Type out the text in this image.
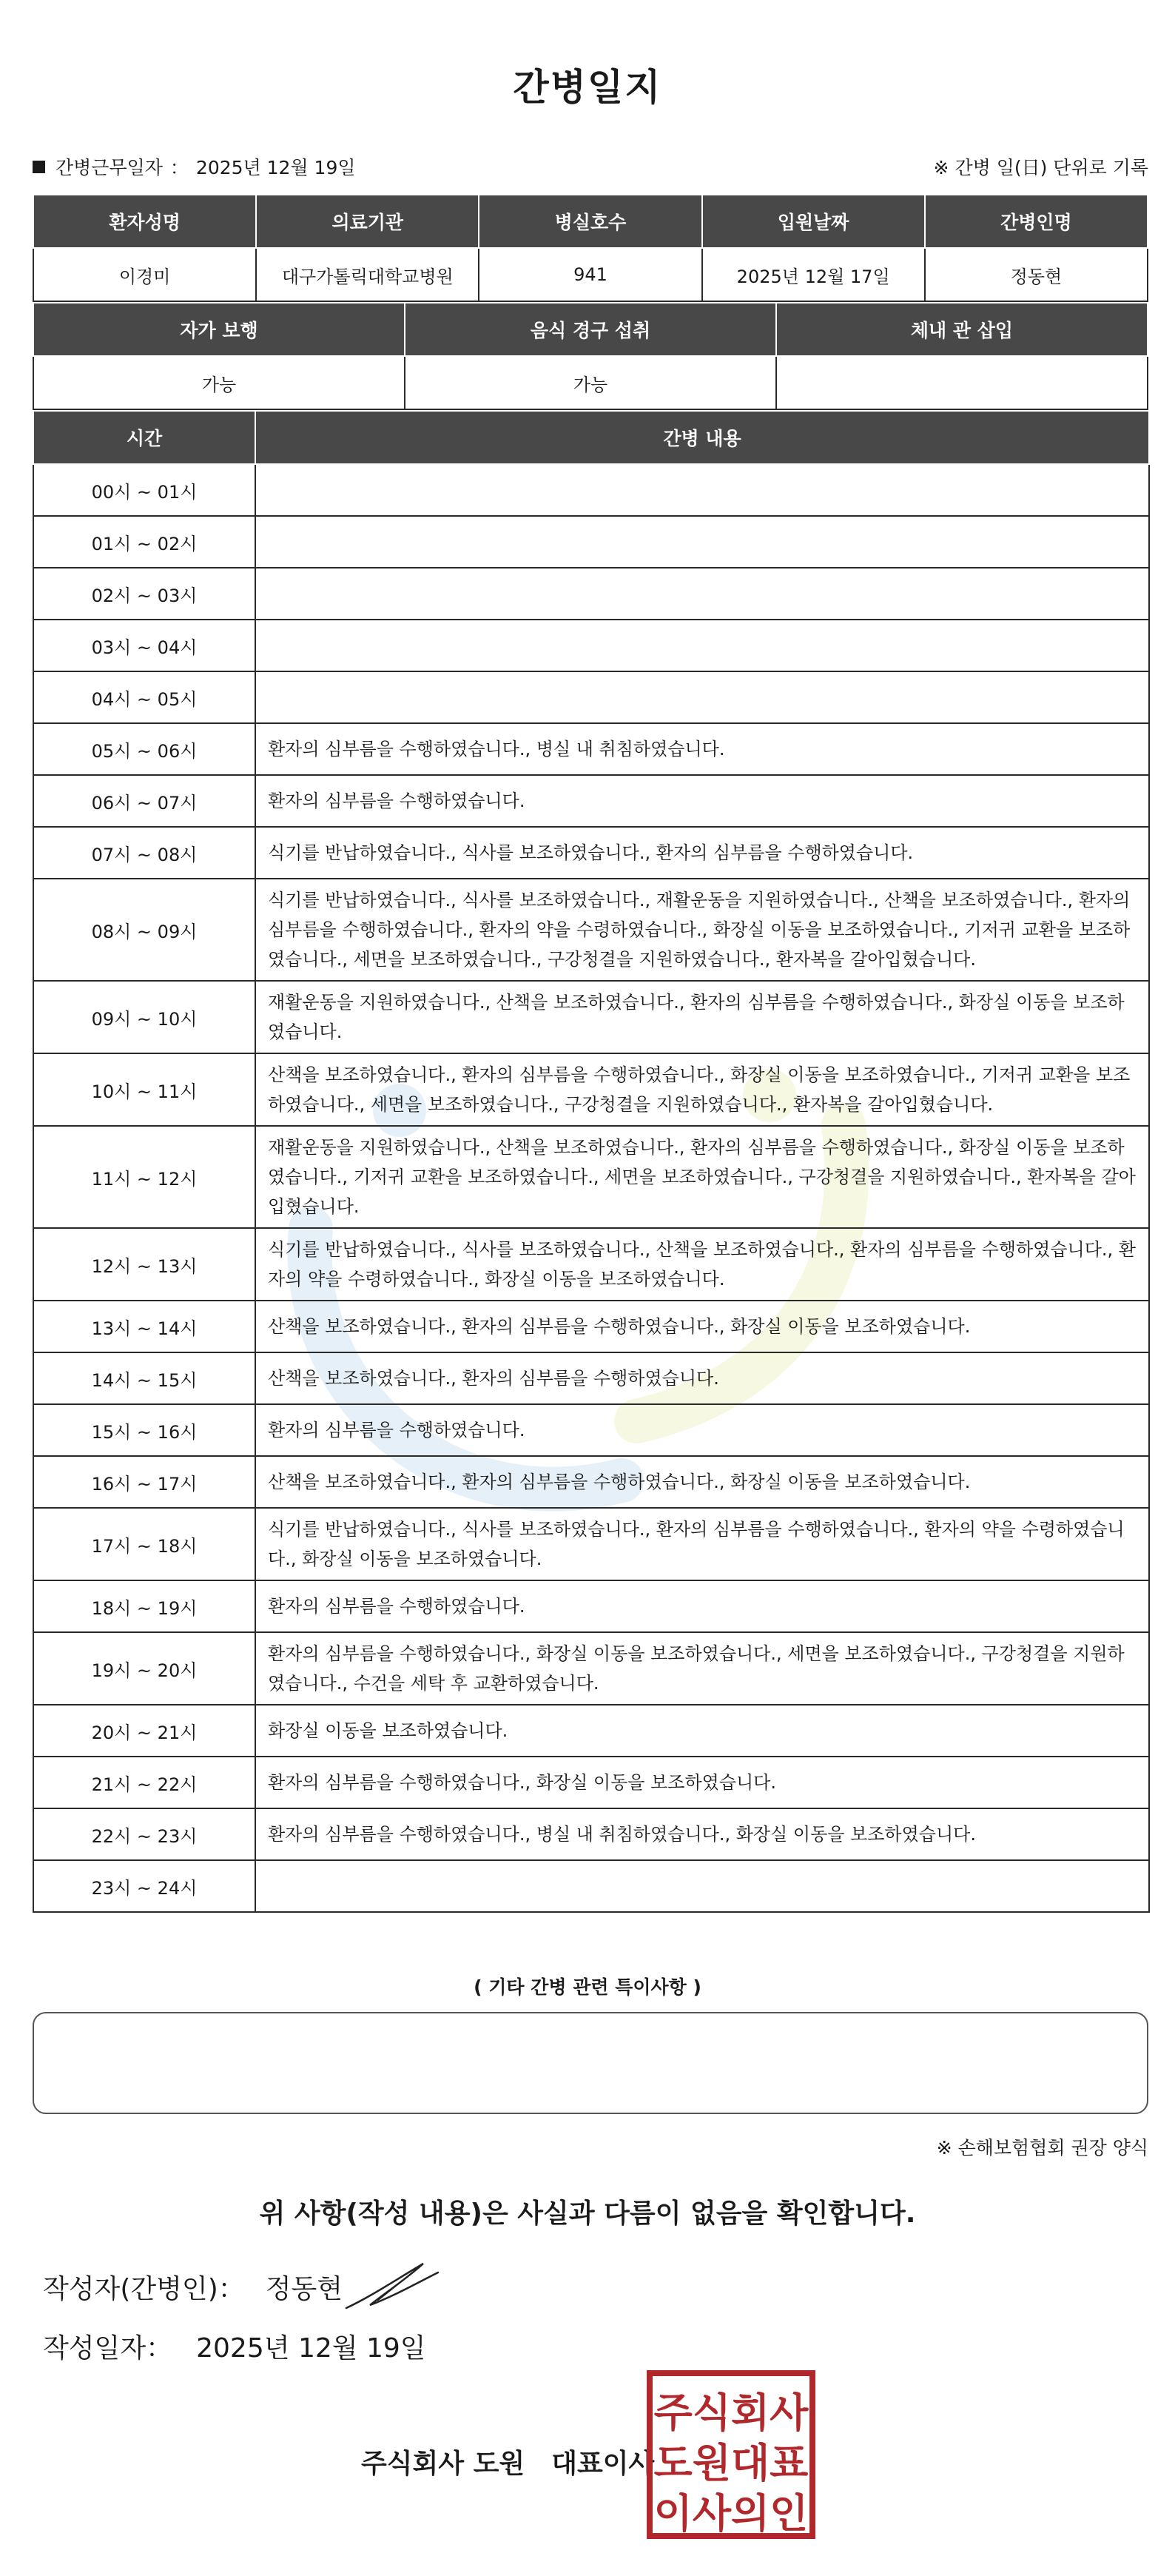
간병일지
간병근무일자 ： 2025년 12월 19일	※ 간병 일(日) 단위로 기록
환자성명	의료기관	병실호수	입원날짜	간병인명
이경미	대구가톨릭대학교병원	941	2025년 12월 17일	정동현
자가 보행	음식 경구 섭취	체내 관 삽입
가능	가능	
시간	간병 내용
00시 ~ 01시	
01시 ~ 02시	
02시 ~ 03시	
03시 ~ 04시	
04시 ~ 05시	
05시 ~ 06시	환자의 심부름을 수행하였습니다., 병실 내 취침하였습니다.
06시 ~ 07시	환자의 심부름을 수행하였습니다.
07시 ~ 08시	식기를 반납하였습니다., 식사를 보조하였습니다., 환자의 심부름을 수행하였습니다.
08시 ~ 09시	식기를 반납하였습니다., 식사를 보조하였습니다., 재활운동을 지원하였습니다., 산책을 보조하였습니다., 환자의 심부름을 수행하였습니다., 환자의 약을 수령하였습니다., 화장실 이동을 보조하였습니다., 기저귀 교환을 보조하였습니다., 세면을 보조하였습니다., 구강청결을 지원하였습니다., 환자복을 갈아입혔습니다.
09시 ~ 10시	재활운동을 지원하였습니다., 산책을 보조하였습니다., 환자의 심부름을 수행하였습니다., 화장실 이동을 보조하였습니다.
10시 ~ 11시	산책을 보조하였습니다., 환자의 심부름을 수행하였습니다., 화장실 이동을 보조하였습니다., 기저귀 교환을 보조하였습니다., 세면을 보조하였습니다., 구강청결을 지원하였습니다., 환자복을 갈아입혔습니다.
11시 ~ 12시	재활운동을 지원하였습니다., 산책을 보조하였습니다., 환자의 심부름을 수행하였습니다., 화장실 이동을 보조하였습니다., 기저귀 교환을 보조하였습니다., 세면을 보조하였습니다., 구강청결을 지원하였습니다., 환자복을 갈아입혔습니다.
12시 ~ 13시	식기를 반납하였습니다., 식사를 보조하였습니다., 산책을 보조하였습니다., 환자의 심부름을 수행하였습니다., 환자의 약을 수령하였습니다., 화장실 이동을 보조하였습니다.
13시 ~ 14시	산책을 보조하였습니다., 환자의 심부름을 수행하였습니다., 화장실 이동을 보조하였습니다.
14시 ~ 15시	산책을 보조하였습니다., 환자의 심부름을 수행하였습니다.
15시 ~ 16시	환자의 심부름을 수행하였습니다.
16시 ~ 17시	산책을 보조하였습니다., 환자의 심부름을 수행하였습니다., 화장실 이동을 보조하였습니다.
17시 ~ 18시	식기를 반납하였습니다., 식사를 보조하였습니다., 환자의 심부름을 수행하였습니다., 환자의 약을 수령하였습니다., 화장실 이동을 보조하였습니다.
18시 ~ 19시	환자의 심부름을 수행하였습니다.
19시 ~ 20시	환자의 심부름을 수행하였습니다., 화장실 이동을 보조하였습니다., 세면을 보조하였습니다., 구강청결을 지원하였습니다., 수건을 세탁 후 교환하였습니다.
20시 ~ 21시	화장실 이동을 보조하였습니다.
21시 ~ 22시	환자의 심부름을 수행하였습니다., 화장실 이동을 보조하였습니다.
22시 ~ 23시	환자의 심부름을 수행하였습니다., 병실 내 취침하였습니다., 화장실 이동을 보조하였습니다.
23시 ~ 24시	
( 기타 간병 관련 특이사항 )
※ 손해보험협회 권장 양식
위 사항(작성 내용)은 사실과 다름이 없음을 확인합니다.
작성자(간병인)： 정동현
작성일자： 2025년 12월 19일
주식회사 도원　대표이사
주식회사
도원대표
이사의인
